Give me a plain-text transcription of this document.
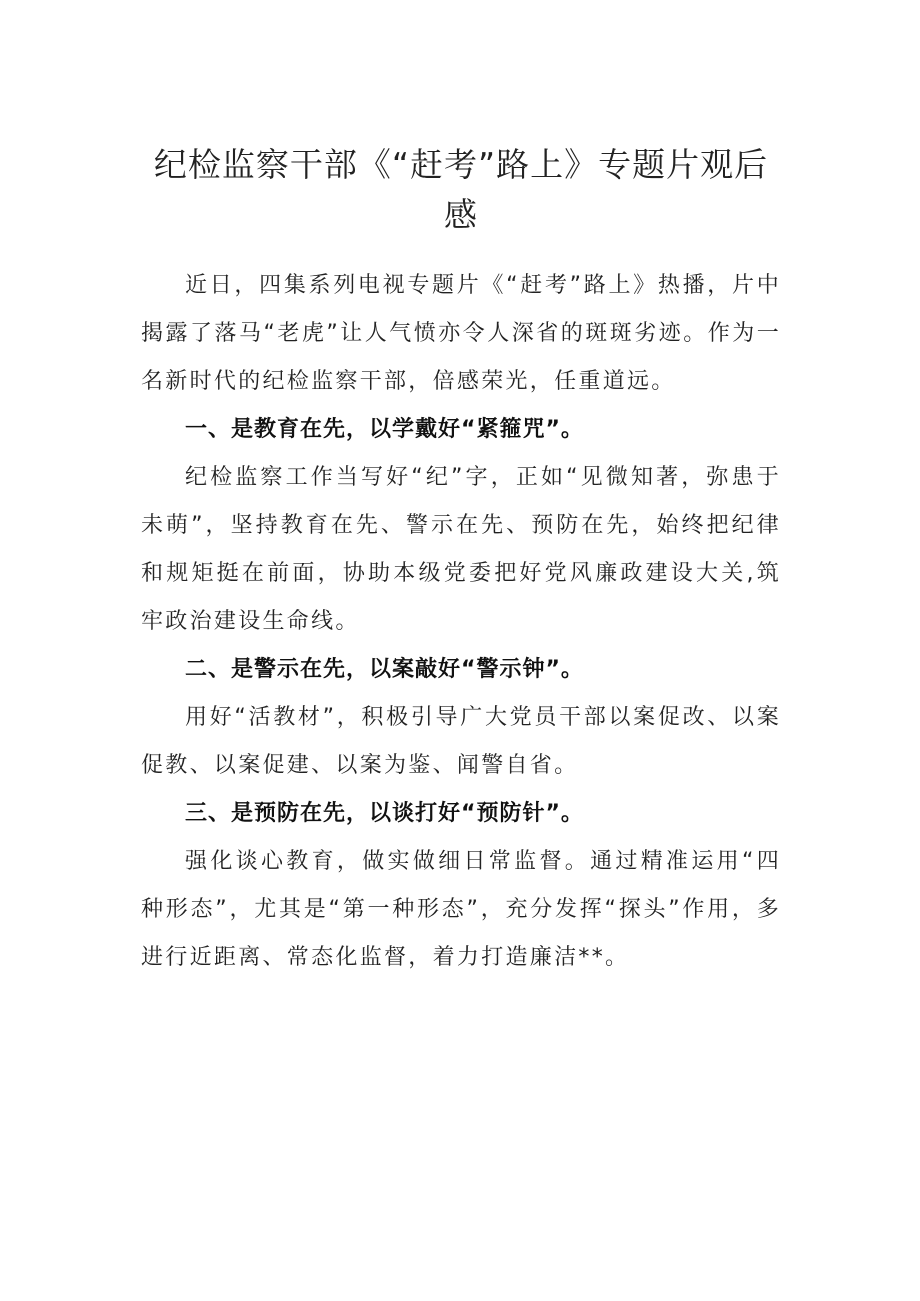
纪检监察干部《“赶考”路上》专题片观后
感

近日，四集系列电视专题片《“赶考”路上》热播，片中揭露了落马“老虎”让人气愤亦令人深省的斑斑劣迹。作为一名新时代的纪检监察干部，倍感荣光，任重道远。

一、是教育在先，以学戴好“紧箍咒”。

纪检监察工作当写好“纪”字，正如“见微知著，弥患于未萌”，坚持教育在先、警示在先、预防在先，始终把纪律和规矩挺在前面，协助本级党委把好党风廉政建设大关,筑牢政治建设生命线。

二、是警示在先，以案敲好“警示钟”。

用好“活教材”，积极引导广大党员干部以案促改、以案促教、以案促建、以案为鉴、闻警自省。

三、是预防在先，以谈打好“预防针”。

强化谈心教育，做实做细日常监督。通过精准运用“四种形态”，尤其是“第一种形态”，充分发挥“探头”作用，多进行近距离、常态化监督，着力打造廉洁**。
